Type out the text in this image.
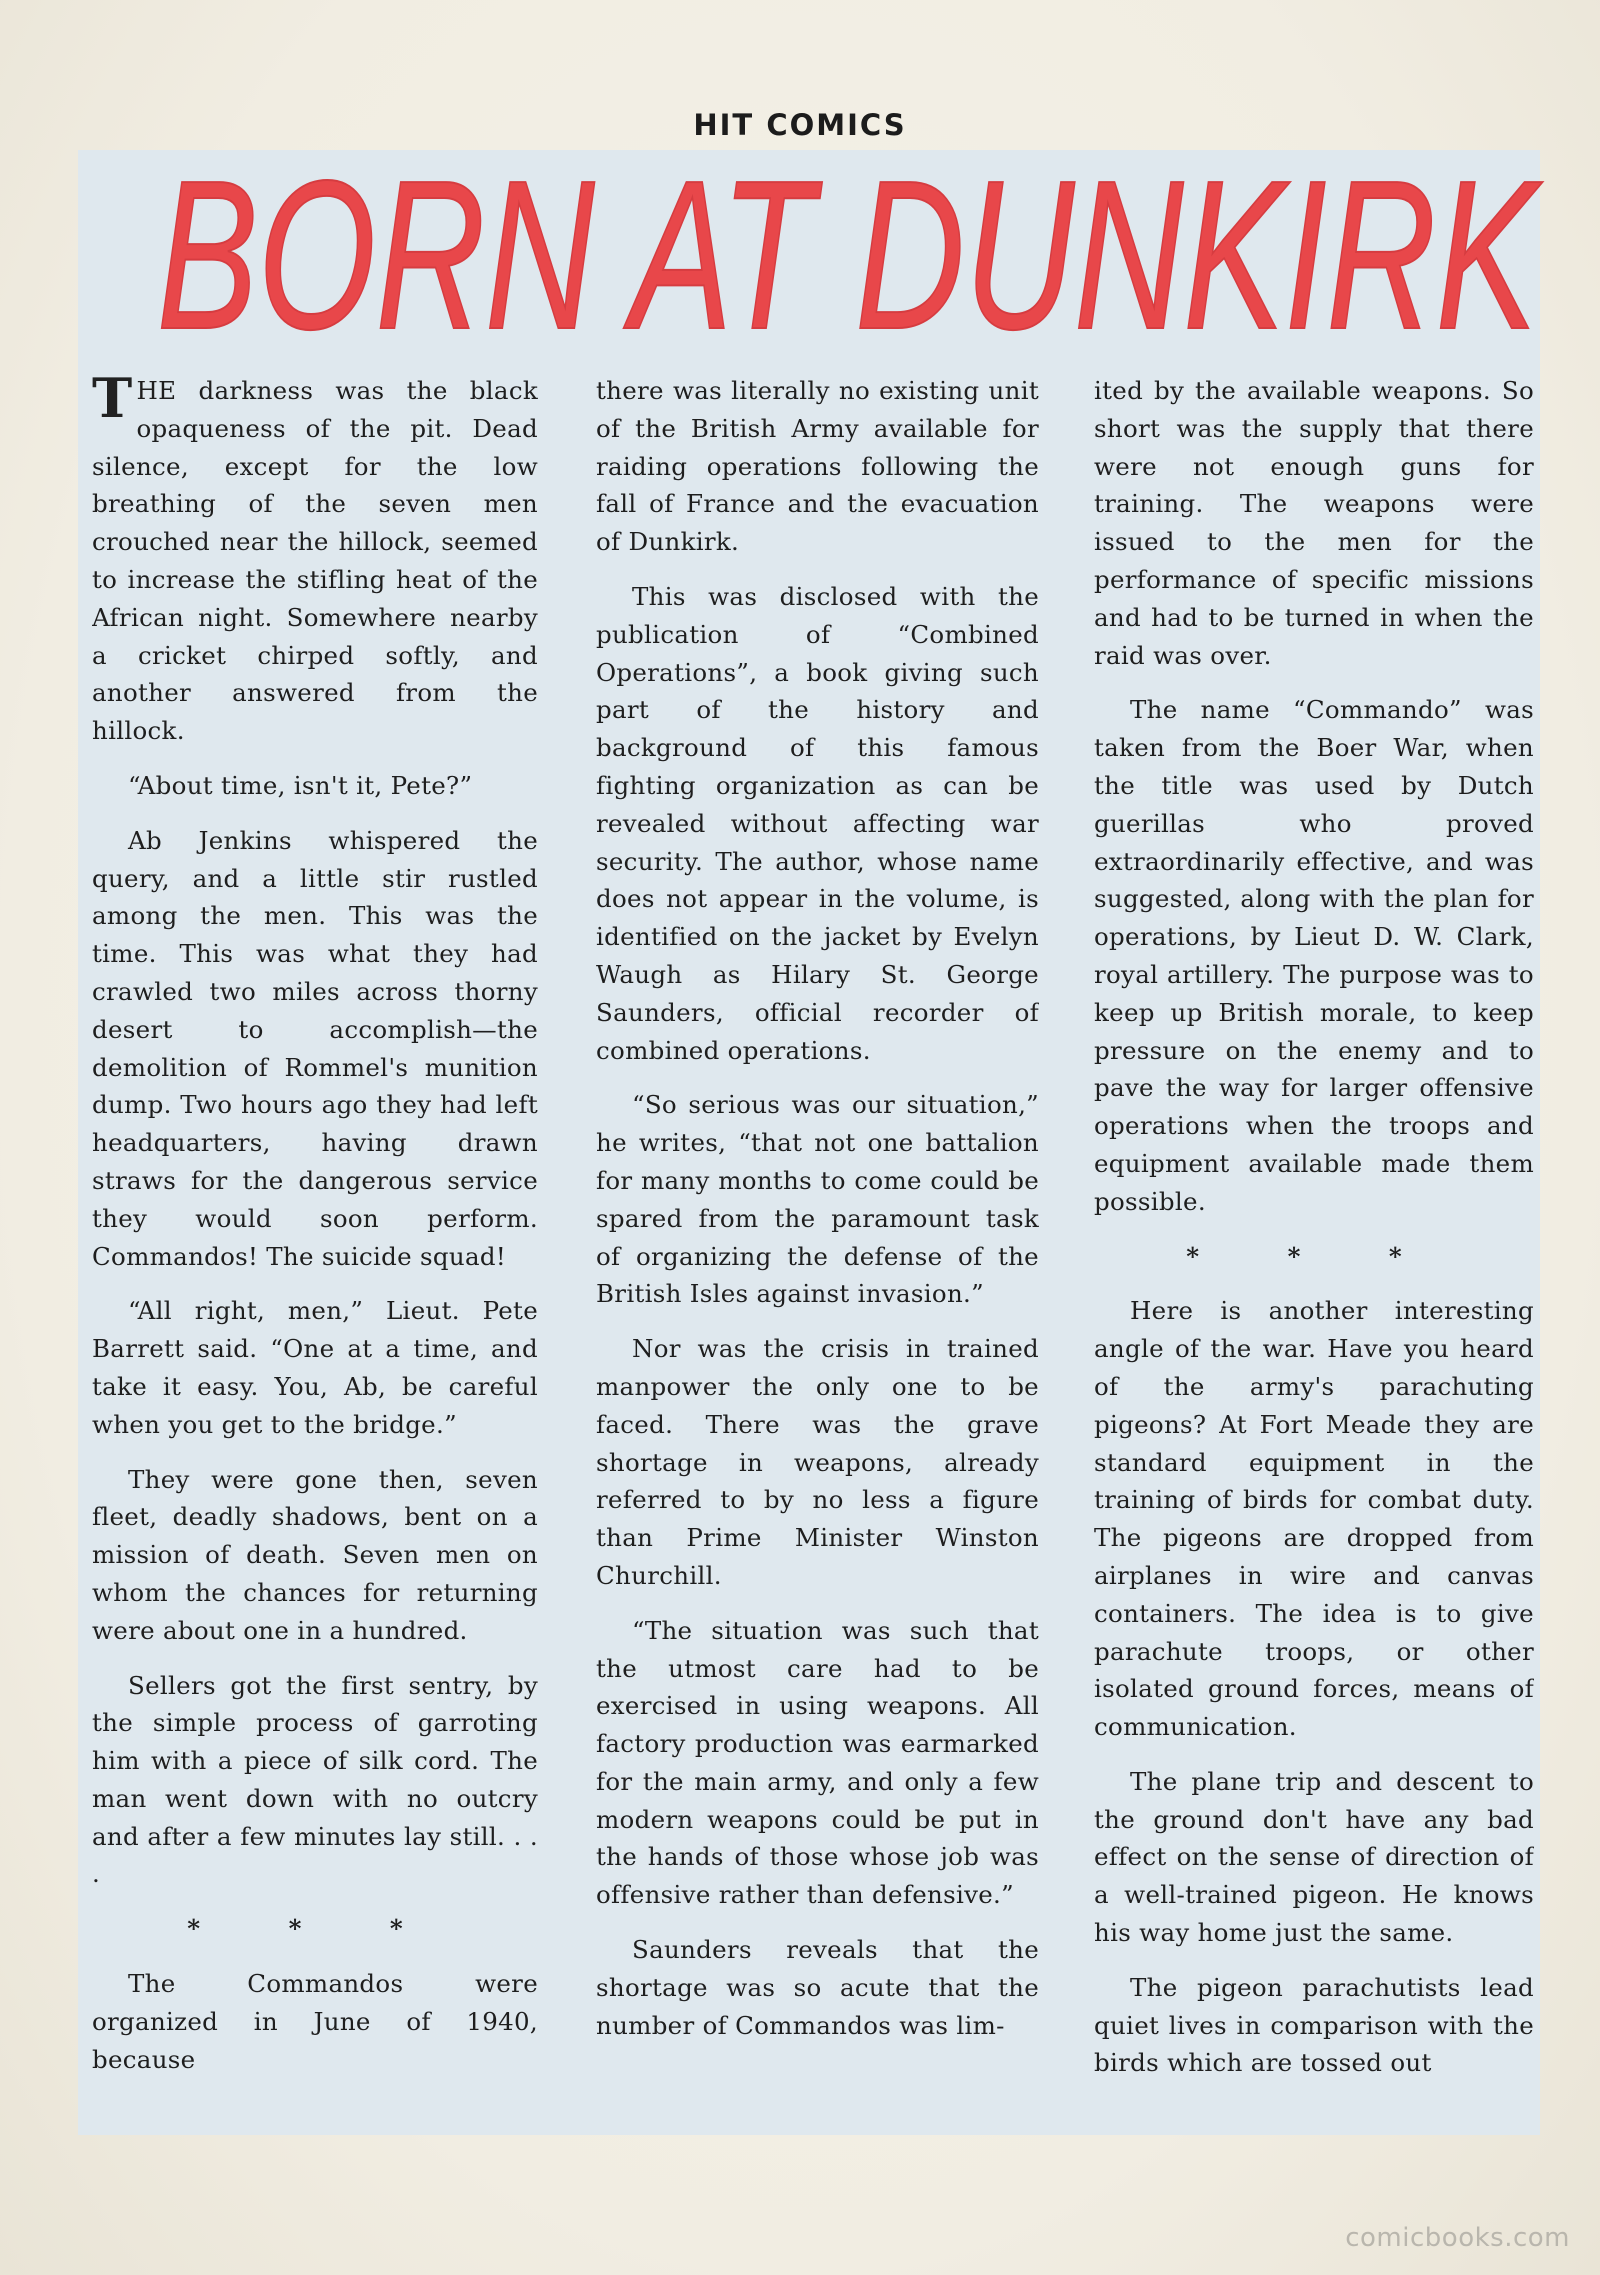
HIT COMICS
BORN AT DUNKIRK

THE darkness was the black opaqueness of the pit. Dead silence, except for the low breathing of the seven men crouched near the hillock, seemed to increase the stifling heat of the African night. Somewhere nearby a cricket chirped softly, and another answered from the hillock.

“About time, isn't it, Pete?”

Ab Jenkins whispered the query, and a little stir rustled among the men. This was the time. This was what they had crawled two miles across thorny desert to accomplish—the demolition of Rommel's munition dump. Two hours ago they had left headquarters, having drawn straws for the dangerous service they would soon perform. Commandos! The suicide squad!

“All right, men,” Lieut. Pete Barrett said. “One at a time, and take it easy. You, Ab, be careful when you get to the bridge.”

They were gone then, seven fleet, deadly shadows, bent on a mission of death. Seven men on whom the chances for returning were about one in a hundred.

Sellers got the first sentry, by the simple process of garroting him with a piece of silk cord. The man went down with no outcry and after a few minutes lay still. . . .

* * *

The Commandos were organized in June of 1940, because

there was literally no existing unit of the British Army available for raiding operations following the fall of France and the evacuation of Dunkirk.

This was disclosed with the publication of “Combined Operations”, a book giving such part of the history and background of this famous fighting organization as can be revealed without affecting war security. The author, whose name does not appear in the volume, is identified on the jacket by Evelyn Waugh as Hilary St. George Saunders, official recorder of combined operations.

“So serious was our situation,” he writes, “that not one battalion for many months to come could be spared from the paramount task of organizing the defense of the British Isles against invasion.”

Nor was the crisis in trained manpower the only one to be faced. There was the grave shortage in weapons, already referred to by no less a figure than Prime Minister Winston Churchill.

“The situation was such that the utmost care had to be exercised in using weapons. All factory production was earmarked for the main army, and only a few modern weapons could be put in the hands of those whose job was offensive rather than defensive.”

Saunders reveals that the shortage was so acute that the number of Commandos was lim-

ited by the available weapons. So short was the supply that there were not enough guns for training. The weapons were issued to the men for the performance of specific missions and had to be turned in when the raid was over.

The name “Commando” was taken from the Boer War, when the title was used by Dutch guerillas who proved extraordinarily effective, and was suggested, along with the plan for operations, by Lieut D. W. Clark, royal artillery. The purpose was to keep up British morale, to keep pressure on the enemy and to pave the way for larger offensive operations when the troops and equipment available made them possible.

* * *

Here is another interesting angle of the war. Have you heard of the army's parachuting pigeons? At Fort Meade they are standard equipment in the training of birds for combat duty. The pigeons are dropped from airplanes in wire and canvas containers. The idea is to give parachute troops, or other isolated ground forces, means of communication.

The plane trip and descent to the ground don't have any bad effect on the sense of direction of a well-trained pigeon. He knows his way home just the same.

The pigeon parachutists lead quiet lives in comparison with the birds which are tossed out

comicbooks.com
